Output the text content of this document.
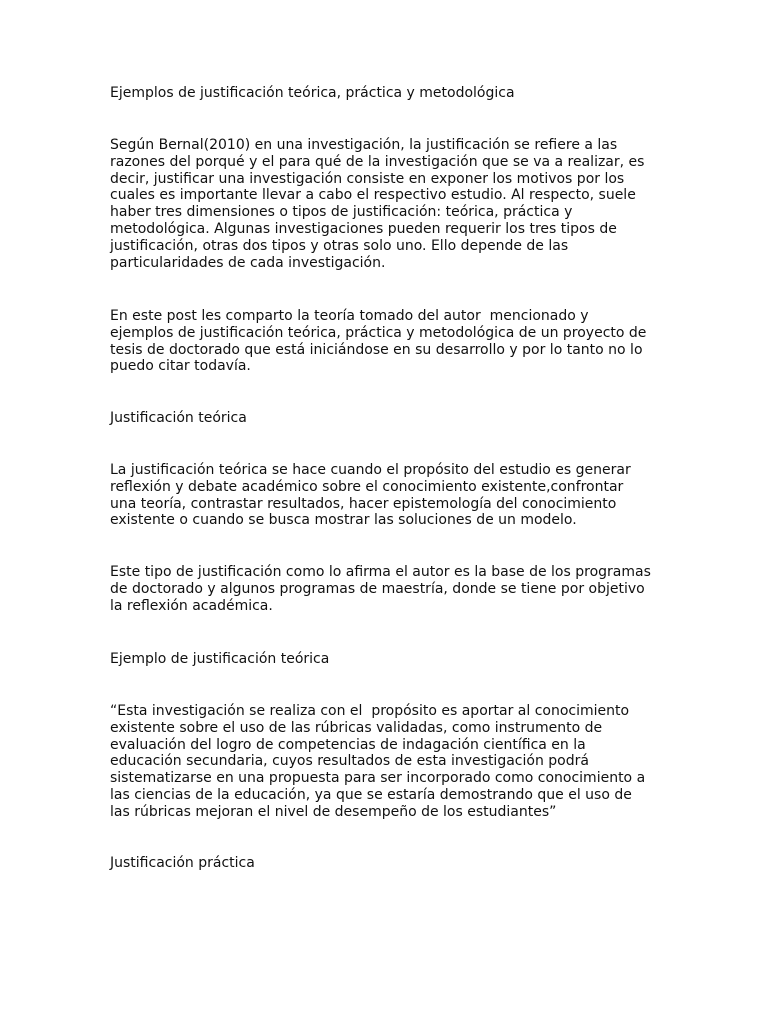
Ejemplos de justificación teórica, práctica y metodológica

Según Bernal(2010) en una investigación, la justificación se refiere a las
razones del porqué y el para qué de la investigación que se va a realizar, es
decir, justificar una investigación consiste en exponer los motivos por los
cuales es importante llevar a cabo el respectivo estudio. Al respecto, suele
haber tres dimensiones o tipos de justificación: teórica, práctica y
metodológica. Algunas investigaciones pueden requerir los tres tipos de
justificación, otras dos tipos y otras solo uno. Ello depende de las
particularidades de cada investigación.

En este post les comparto la teoría tomado del autor  mencionado y
ejemplos de justificación teórica, práctica y metodológica de un proyecto de
tesis de doctorado que está iniciándose en su desarrollo y por lo tanto no lo
puedo citar todavía.

Justificación teórica

La justificación teórica se hace cuando el propósito del estudio es generar
reflexión y debate académico sobre el conocimiento existente,confrontar
una teoría, contrastar resultados, hacer epistemología del conocimiento
existente o cuando se busca mostrar las soluciones de un modelo.

Este tipo de justificación como lo afirma el autor es la base de los programas
de doctorado y algunos programas de maestría, donde se tiene por objetivo
la reflexión académica.

Ejemplo de justificación teórica

“Esta investigación se realiza con el  propósito es aportar al conocimiento
existente sobre el uso de las rúbricas validadas, como instrumento de
evaluación del logro de competencias de indagación científica en la
educación secundaria, cuyos resultados de esta investigación podrá
sistematizarse en una propuesta para ser incorporado como conocimiento a
las ciencias de la educación, ya que se estaría demostrando que el uso de
las rúbricas mejoran el nivel de desempeño de los estudiantes”

Justificación práctica
